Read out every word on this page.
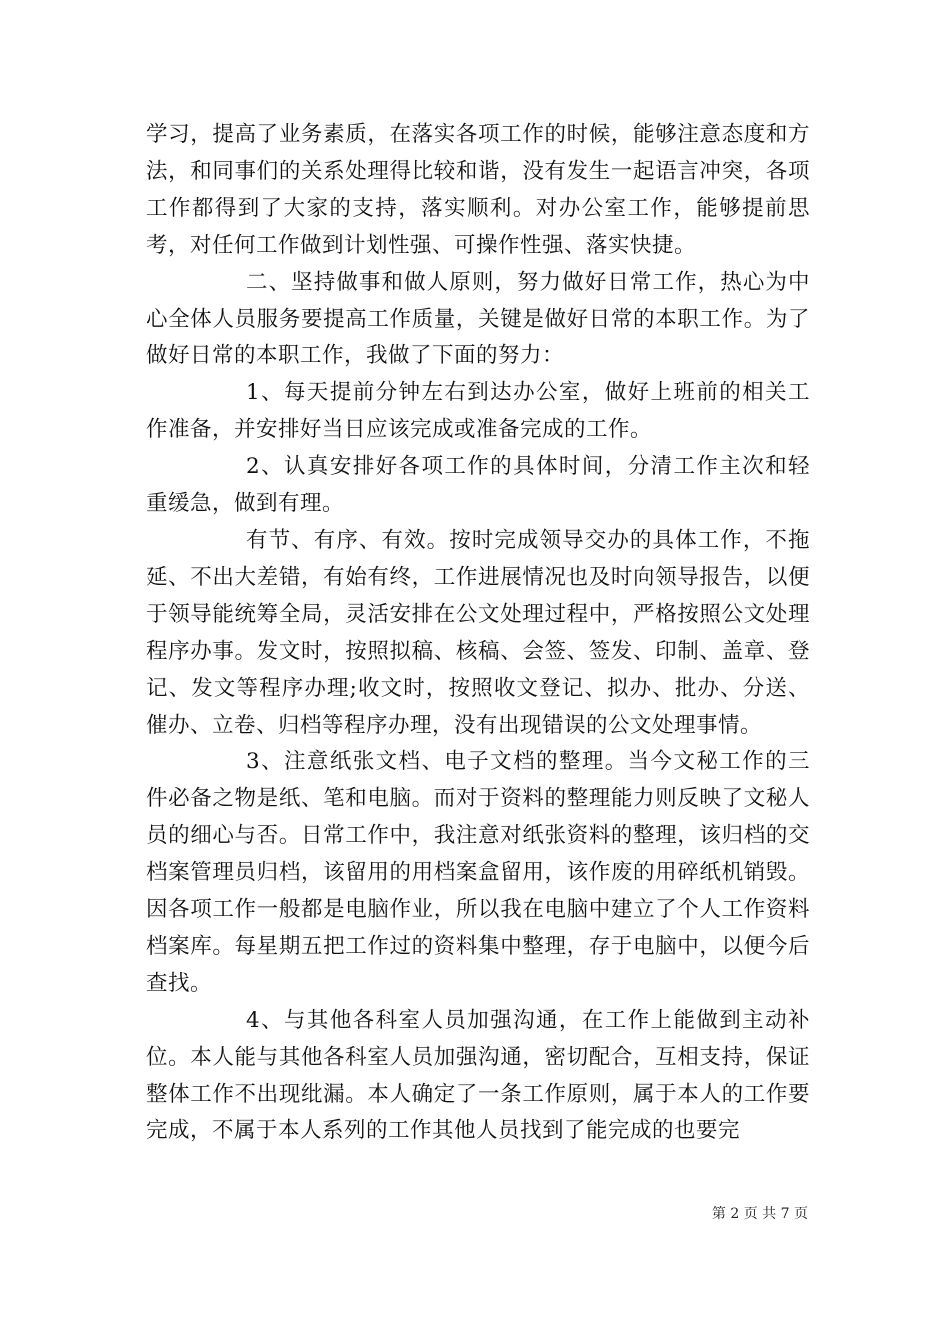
学习，提高了业务素质，在落实各项工作的时候，能够注意态度和方法，和同事们的关系处理得比较和谐，没有发生一起语言冲突，各项工作都得到了大家的支持，落实顺利。对办公室工作，能够提前思考，对任何工作做到计划性强、可操作性强、落实快捷。

二、坚持做事和做人原则，努力做好日常工作，热心为中心全体人员服务要提高工作质量，关键是做好日常的本职工作。为了做好日常的本职工作，我做了下面的努力：

1、每天提前分钟左右到达办公室，做好上班前的相关工作准备，并安排好当日应该完成或准备完成的工作。

2、认真安排好各项工作的具体时间，分清工作主次和轻重缓急，做到有理。

有节、有序、有效。按时完成领导交办的具体工作，不拖延、不出大差错，有始有终，工作进展情况也及时向领导报告，以便于领导能统筹全局，灵活安排在公文处理过程中，严格按照公文处理程序办事。发文时，按照拟稿、核稿、会签、签发、印制、盖章、登记、发文等程序办理;收文时，按照收文登记、拟办、批办、分送、催办、立卷、归档等程序办理，没有出现错误的公文处理事情。

3、注意纸张文档、电子文档的整理。当今文秘工作的三件必备之物是纸、笔和电脑。而对于资料的整理能力则反映了文秘人员的细心与否。日常工作中，我注意对纸张资料的整理，该归档的交档案管理员归档，该留用的用档案盒留用，该作废的用碎纸机销毁。因各项工作一般都是电脑作业，所以我在电脑中建立了个人工作资料档案库。每星期五把工作过的资料集中整理，存于电脑中，以便今后查找。

4、与其他各科室人员加强沟通，在工作上能做到主动补位。本人能与其他各科室人员加强沟通，密切配合，互相支持，保证整体工作不出现纰漏。本人确定了一条工作原则，属于本人的工作要完成，不属于本人系列的工作其他人员找到了能完成的也要完

第 2 页 共 7 页
